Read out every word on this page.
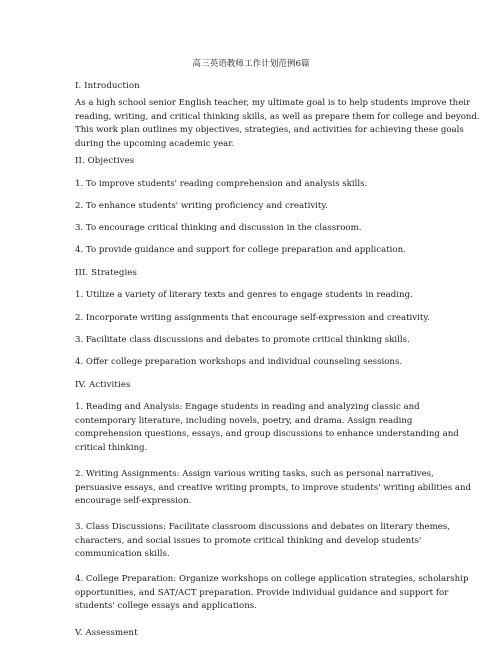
高三英语教师工作计划范例6篇

I. Introduction

As a high school senior English teacher, my ultimate goal is to help students improve their
reading, writing, and critical thinking skills, as well as prepare them for college and beyond.
This work plan outlines my objectives, strategies, and activities for achieving these goals
during the upcoming academic year.

II. Objectives

1. To improve students' reading comprehension and analysis skills.

2. To enhance students' writing proficiency and creativity.

3. To encourage critical thinking and discussion in the classroom.

4. To provide guidance and support for college preparation and application.

III. Strategies

1. Utilize a variety of literary texts and genres to engage students in reading.

2. Incorporate writing assignments that encourage self-expression and creativity.

3. Facilitate class discussions and debates to promote critical thinking skills.

4. Offer college preparation workshops and individual counseling sessions.

IV. Activities

1. Reading and Analysis: Engage students in reading and analyzing classic and
contemporary literature, including novels, poetry, and drama. Assign reading
comprehension questions, essays, and group discussions to enhance understanding and
critical thinking.

2. Writing Assignments: Assign various writing tasks, such as personal narratives,
persuasive essays, and creative writing prompts, to improve students' writing abilities and
encourage self-expression.

3. Class Discussions: Facilitate classroom discussions and debates on literary themes,
characters, and social issues to promote critical thinking and develop students'
communication skills.

4. College Preparation: Organize workshops on college application strategies, scholarship
opportunities, and SAT/ACT preparation. Provide individual guidance and support for
students' college essays and applications.

V. Assessment
